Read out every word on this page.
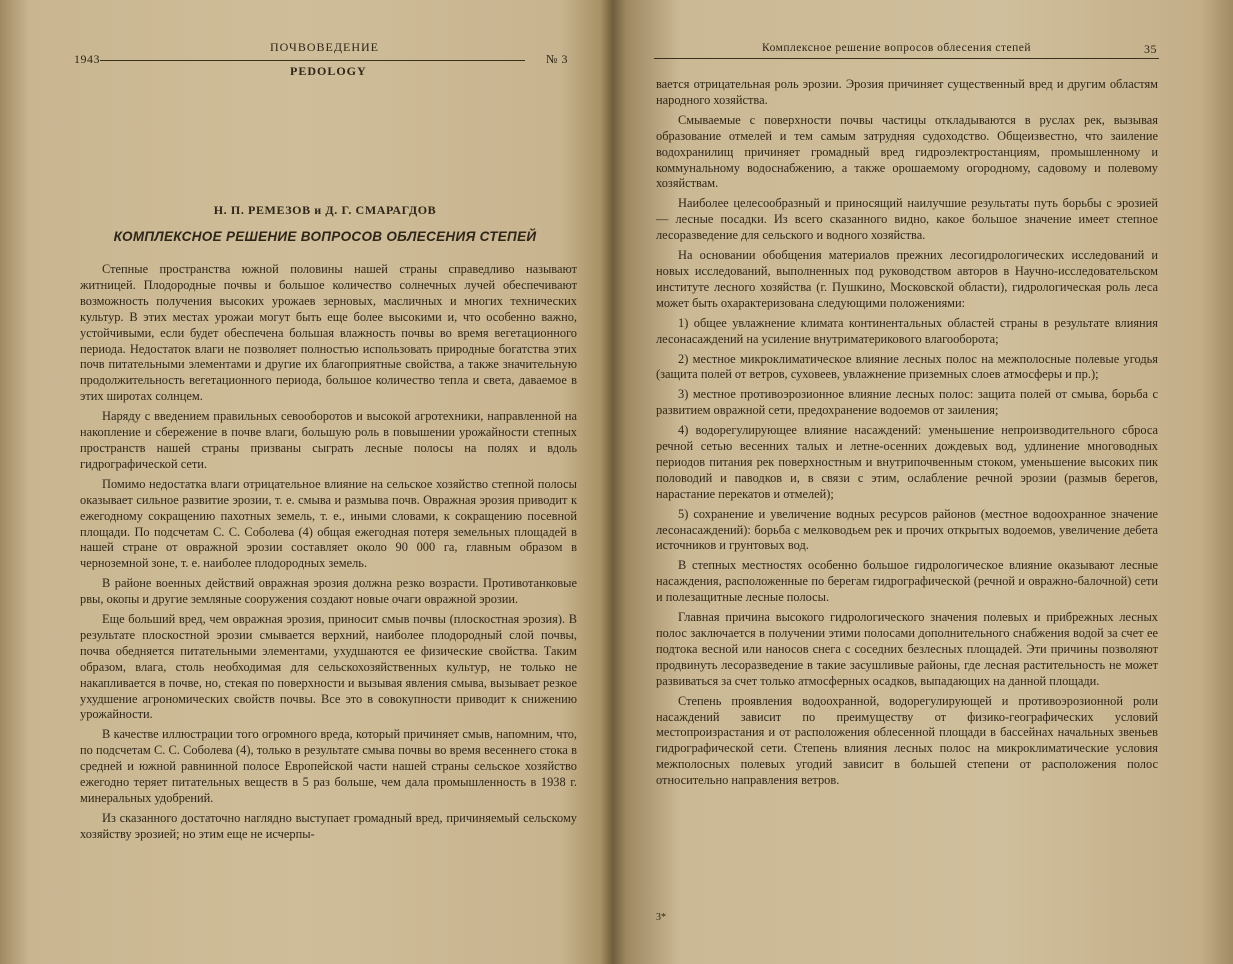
1943
ПОЧВОВЕДЕНИЕ
PEDOLOGY
№ 3
Н. П. РЕМЕЗОВ и Д. Г. СМАРАГДОВ
КОМПЛЕКСНОЕ РЕШЕНИЕ ВОПРОСОВ ОБЛЕСЕНИЯ СТЕПЕЙ

Степные пространства южной половины нашей страны справедливо называют житницей. Плодородные почвы и большое количество солнечных лучей обеспечивают возможность получения высоких урожаев зерновых, масличных и многих технических культур. В этих местах урожаи могут быть еще более высокими и, что особенно важно, устойчивыми, если будет обеспечена большая влажность почвы во время вегетационного периода. Недостаток влаги не позволяет полностью использовать природные богатства этих почв питательными элементами и другие их благоприятные свойства, а также значительную продолжительность вегетационного периода, большое количество тепла и света, даваемое в этих широтах солнцем.

Наряду с введением правильных севооборотов и высокой агротехники, направленной на накопление и сбережение в почве влаги, большую роль в повышении урожайности степных пространств нашей страны призваны сыграть лесные полосы на полях и вдоль гидрографической сети.

Помимо недостатка влаги отрицательное влияние на сельское хозяйство степной полосы оказывает сильное развитие эрозии, т. е. смыва и размыва почв. Овражная эрозия приводит к ежегодному сокращению пахотных земель, т. е., иными словами, к сокращению посевной площади. По подсчетам С. С. Соболева (4) общая ежегодная потеря земельных площадей в нашей стране от овражной эрозии составляет около 90 000 га, главным образом в черноземной зоне, т. е. наиболее плодородных земель.

В районе военных действий овражная эрозия должна резко возрасти. Противотанковые рвы, окопы и другие земляные сооружения создают новые очаги овражной эрозии.

Еще больший вред, чем овражная эрозия, приносит смыв почвы (плоскостная эрозия). В результате плоскостной эрозии смывается верхний, наиболее плодородный слой почвы, почва обедняется питательными элементами, ухудшаются ее физические свойства. Таким образом, влага, столь необходимая для сельскохозяйственных культур, не только не накапливается в почве, но, стекая по поверхности и вызывая явления смыва, вызывает резкое ухудшение агрономических свойств почвы. Все это в совокупности приводит к снижению урожайности.

В качестве иллюстрации того огромного вреда, который причиняет смыв, напомним, что, по подсчетам С. С. Соболева (4), только в результате смыва почвы во время весеннего стока в средней и южной равнинной полосе Европейской части нашей страны сельское хозяйство ежегодно теряет питательных веществ в 5 раз больше, чем дала промышленность в 1938 г. минеральных удобрений.

Из сказанного достаточно наглядно выступает громадный вред, причиняемый сельскому хозяйству эрозией; но этим еще не исчерпы-

Комплексное решение вопросов облесения степей	35

вается отрицательная роль эрозии. Эрозия причиняет существенный вред и другим областям народного хозяйства.

Смываемые с поверхности почвы частицы откладываются в руслах рек, вызывая образование отмелей и тем самым затрудняя судоходство. Общеизвестно, что заиление водохранилищ причиняет громадный вред гидроэлектростанциям, промышленному и коммунальному водоснабжению, а также орошаемому огородному, садовому и полевому хозяйствам.

Наиболее целесообразный и приносящий наилучшие результаты путь борьбы с эрозией — лесные посадки. Из всего сказанного видно, какое большое значение имеет степное лесоразведение для сельского и водного хозяйства.

На основании обобщения материалов прежних лесогидрологических исследований и новых исследований, выполненных под руководством авторов в Научно-исследовательском институте лесного хозяйства (г. Пушкино, Московской области), гидрологическая роль леса может быть охарактеризована следующими положениями:

1) общее увлажнение климата континентальных областей страны в результате влияния лесонасаждений на усиление внутриматерикового влагооборота;

2) местное микроклиматическое влияние лесных полос на межполосные полевые угодья (защита полей от ветров, суховеев, увлажнение приземных слоев атмосферы и пр.);

3) местное противоэрозионное влияние лесных полос: защита полей от смыва, борьба с развитием овражной сети, предохранение водоемов от заиления;

4) водорегулирующее влияние насаждений: уменьшение непроизводительного сброса речной сетью весенних талых и летне-осенних дождевых вод, удлинение многоводных периодов питания рек поверхностным и внутрипочвенным стоком, уменьшение высоких пик половодий и паводков и, в связи с этим, ослабление речной эрозии (размыв берегов, нарастание перекатов и отмелей);

5) сохранение и увеличение водных ресурсов районов (местное водоохранное значение лесонасаждений): борьба с мелководьем рек и прочих открытых водоемов, увеличение дебета источников и грунтовых вод.

В степных местностях особенно большое гидрологическое влияние оказывают лесные насаждения, расположенные по берегам гидрографической (речной и овражно-балочной) сети и полезащитные лесные полосы.

Главная причина высокого гидрологического значения полевых и прибрежных лесных полос заключается в получении этими полосами дополнительного снабжения водой за счет ее подтока весной или наносов снега с соседних безлесных площадей. Эти причины позволяют продвинуть лесоразведение в такие засушливые районы, где лесная растительность не может развиваться за счет только атмосферных осадков, выпадающих на данной площади.

Степень проявления водоохранной, водорегулирующей и противоэрозионной роли насаждений зависит по преимуществу от физико-географических условий местопроизрастания и от расположения облесенной площади в бассейнах начальных звеньев гидрографической сети. Степень влияния лесных полос на микроклиматические условия межполосных полевых угодий зависит в большей степени от расположения полос относительно направления ветров.

3*
